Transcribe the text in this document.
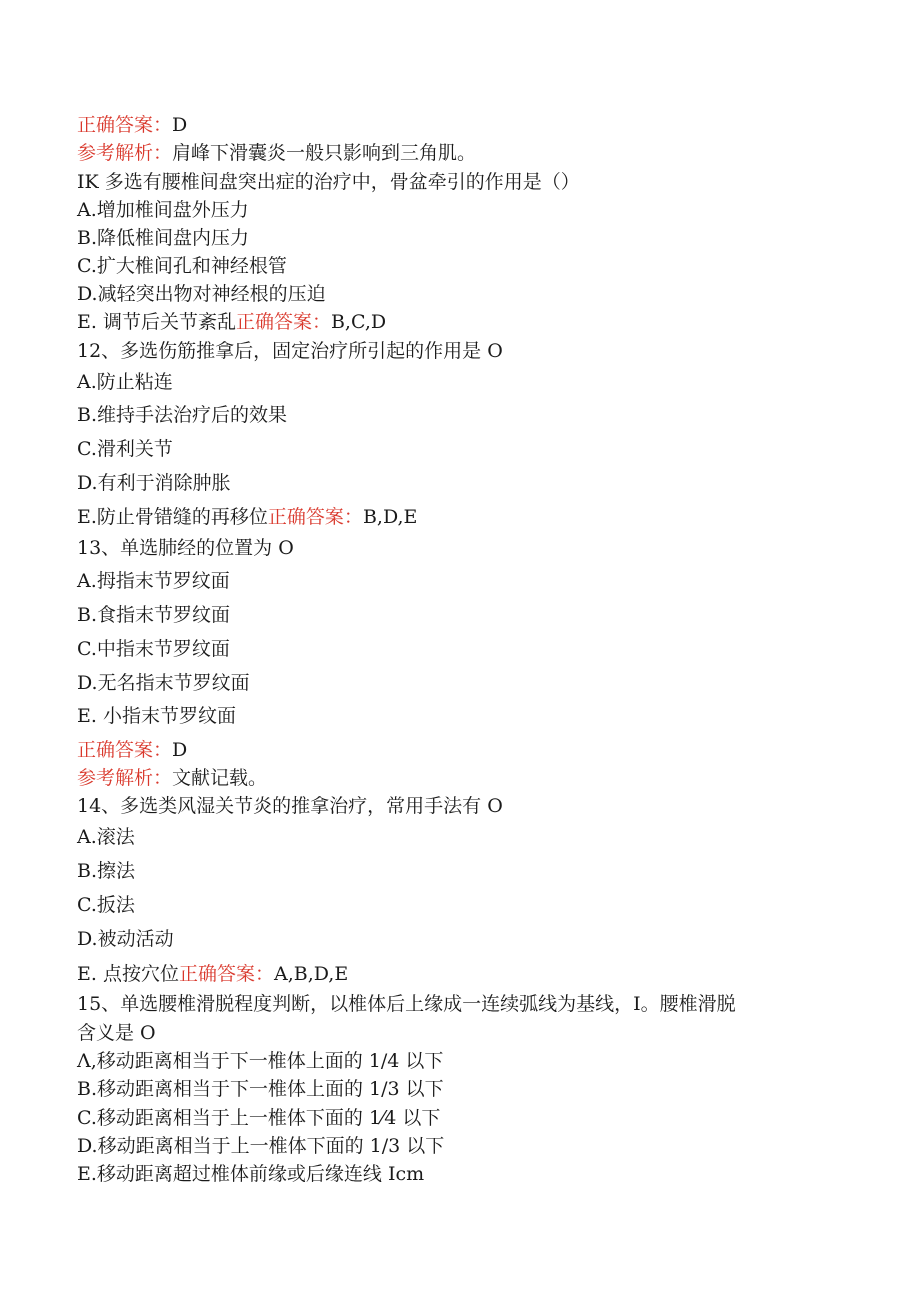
正确答案：D
参考解析：肩峰下滑囊炎一般只影响到三角肌。
IK 多选有腰椎间盘突出症的治疗中，骨盆牵引的作用是（）
A.增加椎间盘外压力
B.降低椎间盘内压力
C.扩大椎间孔和神经根管
D.减轻突出物对神经根的压迫
E. 调节后关节紊乱正确答案：B,C,D
12、多选伤筋推拿后，固定治疗所引起的作用是 O
A.防止粘连
B.维持手法治疗后的效果
C.滑利关节
D.有利于消除肿胀
E.防止骨错缝的再移位正确答案：B,D,E
13、单选肺经的位置为 O
A.拇指末节罗纹面
B.食指末节罗纹面
C.中指末节罗纹面
D.无名指末节罗纹面
E. 小指末节罗纹面
正确答案：D
参考解析：文献记载。
14、多选类风湿关节炎的推拿治疗，常用手法有 O
A.滚法
B.擦法
C.扳法
D.被动活动
E. 点按穴位正确答案：A,B,D,E
15、单选腰椎滑脱程度判断，以椎体后上缘成一连续弧线为基线，I。腰椎滑脱
含义是 O
Λ,移动距离相当于下一椎体上面的 1/4 以下
B.移动距离相当于下一椎体上面的 1/3 以下
C.移动距离相当于上一椎体下面的 1⁄4 以下
D.移动距离相当于上一椎体下面的 1/3 以下
E.移动距离超过椎体前缘或后缘连线 Icm
